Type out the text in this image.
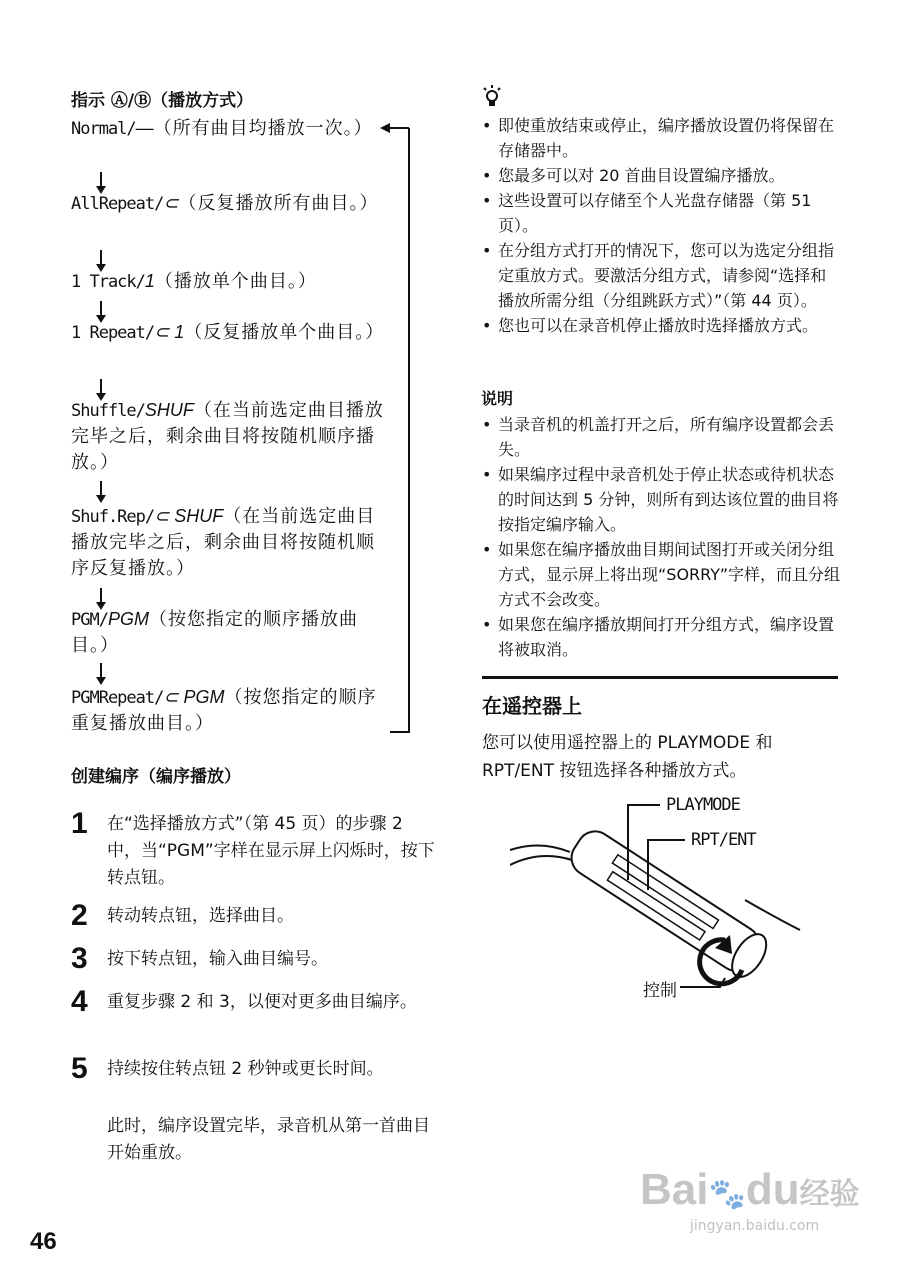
指示 Ⓐ/Ⓑ（播放方式）
Normal/—（所有曲目均播放一次。）
AllRepeat/⊂（反复播放所有曲目。）
1 Track/1（播放单个曲目。）
1 Repeat/⊂ 1（反复播放单个曲目。）
Shuffle/SHUF（在当前选定曲目播放完毕之后，剩余曲目将按随机顺序播放。）
Shuf.Rep/⊂ SHUF（在当前选定曲目播放完毕之后，剩余曲目将按随机顺序反复播放。）
PGM/PGM（按您指定的顺序播放曲目。）
PGMRepeat/⊂ PGM（按您指定的顺序重复播放曲目。）
创建编序（编序播放）
1 在“选择播放方式”（第 45 页）的步骤 2 中，当“PGM”字样在显示屏上闪烁时，按下转点钮。
2 转动转点钮，选择曲目。
3 按下转点钮，输入曲目编号。
4 重复步骤 2 和 3，以便对更多曲目编序。
5 持续按住转点钮 2 秒钟或更长时间。
此时，编序设置完毕，录音机从第一首曲目开始重放。
46
• 即使重放结束或停止，编序播放设置仍将保留在存储器中。
• 您最多可以对 20 首曲目设置编序播放。
• 这些设置可以存储至个人光盘存储器（第 51 页）。
• 在分组方式打开的情况下，您可以为选定分组指定重放方式。要激活分组方式，请参阅“选择和播放所需分组（分组跳跃方式）”（第 44 页）。
• 您也可以在录音机停止播放时选择播放方式。
说明
• 当录音机的机盖打开之后，所有编序设置都会丢失。
• 如果编序过程中录音机处于停止状态或待机状态的时间达到 5 分钟，则所有到达该位置的曲目将按指定编序输入。
• 如果您在编序播放曲目期间试图打开或关闭分组方式，显示屏上将出现“SORRY”字样，而且分组方式不会改变。
• 如果您在编序播放期间打开分组方式，编序设置将被取消。
在遥控器上
您可以使用遥控器上的 PLAYMODE 和 RPT/ENT 按钮选择各种播放方式。
PLAYMODE
RPT/ENT
控制
Bai🐾du经验
jingyan.baidu.com
